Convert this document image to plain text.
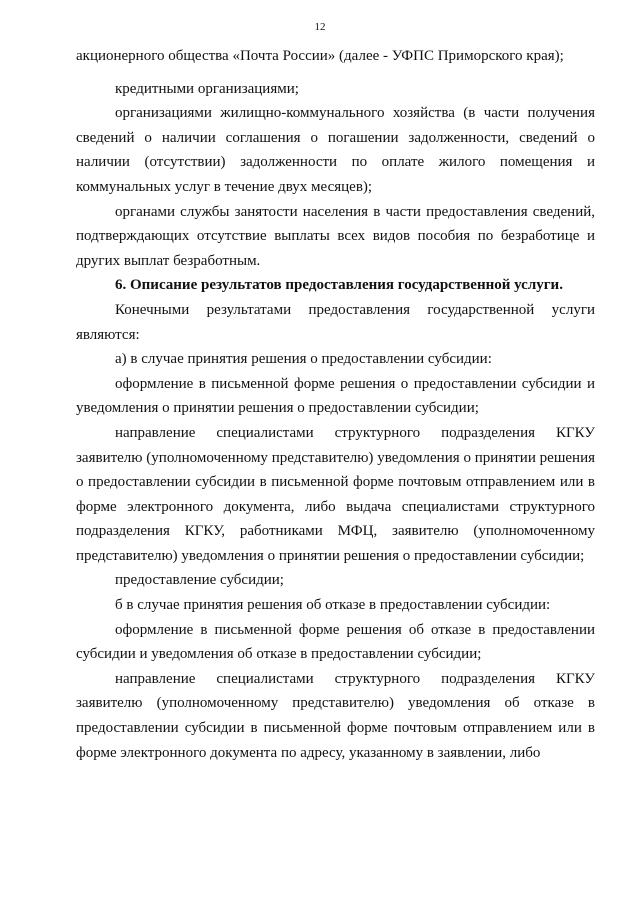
12

акционерного общества «Почта России» (далее - УФПС Приморского края);

кредитными организациями;

организациями жилищно-коммунального хозяйства (в части получения сведений о наличии соглашения о погашении задолженности, сведений о наличии (отсутствии) задолженности по оплате жилого помещения и коммунальных услуг в течение двух месяцев);

органами службы занятости населения в части предоставления сведений, подтверждающих отсутствие выплаты всех видов пособия по безработице и других выплат безработным.

6. Описание результатов предоставления государственной услуги.

Конечными результатами предоставления государственной услуги являются:

а) в случае принятия решения о предоставлении субсидии:

оформление в письменной форме решения о предоставлении субсидии и уведомления о принятии решения о предоставлении субсидии;

направление специалистами структурного подразделения КГКУ заявителю (уполномоченному представителю) уведомления о принятии решения о предоставлении субсидии в письменной форме почтовым отправлением или в форме электронного документа, либо выдача специалистами структурного подразделения КГКУ, работниками МФЦ, заявителю (уполномоченному представителю) уведомления о принятии решения о предоставлении субсидии;

предоставление субсидии;

б в случае принятия решения об отказе в предоставлении субсидии:

оформление в письменной форме решения об отказе в предоставлении субсидии и уведомления об отказе в предоставлении субсидии;

направление специалистами структурного подразделения КГКУ заявителю (уполномоченному представителю) уведомления об отказе в предоставлении субсидии в письменной форме почтовым отправлением или в форме электронного документа по адресу, указанному в заявлении, либо
